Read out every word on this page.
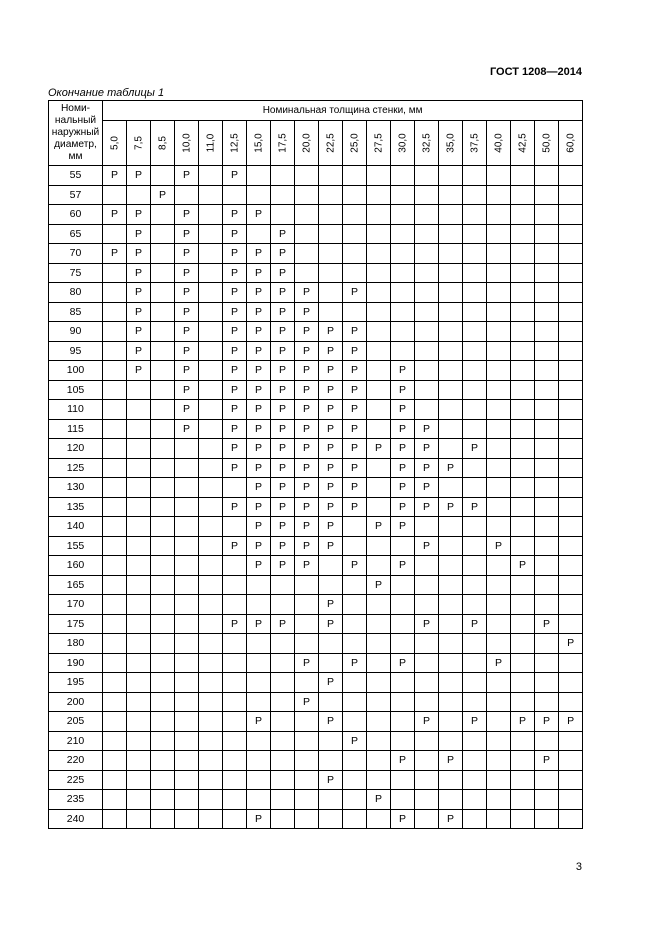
ГОСТ 1208—2014
Окончание таблицы 1
Номи-
нальный
наружный
диаметр,
мм	Номинальная толщина стенки, мм																			

	5,0	7,5	8,5	10,0	11,0	12,5	15,0	17,5	20,0	22,5	25,0	27,5	30,0	32,5	35,0	37,5	40,0	42,5	50,0	60,0

55	Р	Р		Р		Р														
57			Р																	
60	Р	Р		Р		Р	Р													
65		Р		Р		Р		Р												
70	Р	Р		Р		Р	Р	Р												
75		Р		Р		Р	Р	Р												
80		Р		Р		Р	Р	Р	Р		Р									
85		Р		Р		Р	Р	Р	Р											
90		Р		Р		Р	Р	Р	Р	Р	Р									
95		Р		Р		Р	Р	Р	Р	Р	Р									
100		Р		Р		Р	Р	Р	Р	Р	Р		Р							
105				Р		Р	Р	Р	Р	Р	Р		Р							
110				Р		Р	Р	Р	Р	Р	Р		Р							
115				Р		Р	Р	Р	Р	Р	Р		Р	Р						
120						Р	Р	Р	Р	Р	Р	Р	Р	Р		Р				
125						Р	Р	Р	Р	Р	Р		Р	Р	Р					
130							Р	Р	Р	Р	Р		Р	Р						
135						Р	Р	Р	Р	Р	Р		Р	Р	Р	Р				
140							Р	Р	Р	Р		Р	Р							
155						Р	Р	Р	Р	Р				Р			Р			
160							Р	Р	Р		Р		Р					Р		
165												Р								
170										Р										
175						Р	Р	Р		Р				Р		Р			Р	
180																				Р
190									Р		Р		Р				Р			
195										Р										
200									Р											
205							Р			Р				Р		Р		Р	Р	Р
210											Р									
220													Р		Р				Р	
225										Р										
235												Р								
240							Р						Р		Р					
3
